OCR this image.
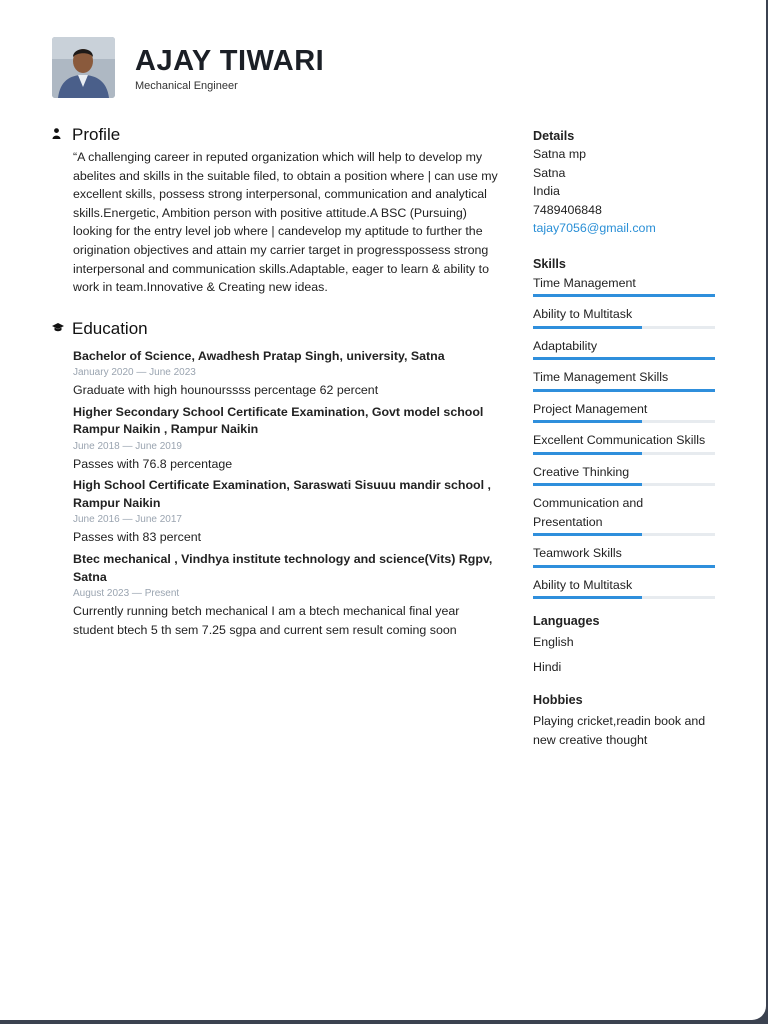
AJAY TIWARI
Mechanical Engineer
Profile
“A challenging career in reputed organization which will help to develop my abelites and skills in the suitable filed, to obtain a position where | can use my excellent skills, possess strong interpersonal, communication and analytical skills.Energetic, Ambition person with positive attitude.A BSC (Pursuing) looking for the entry level job where | candevelop my aptitude to further the origination objectives and attain my carrier target in progresspossess strong interpersonal and communication skills.Adaptable, eager to learn & ability to work in team.Innovative & Creating new ideas.
Education
Bachelor of Science, Awadhesh Pratap Singh, university, Satna
January 2020 — June 2023
Graduate with high hounourssss percentage 62 percent
Higher Secondary School Certificate Examination, Govt model school Rampur Naikin , Rampur Naikin
June 2018 — June 2019
Passes with 76.8 percentage
High School Certificate Examination, Saraswati Sisuuu mandir school , Rampur Naikin
June 2016 — June 2017
Passes with 83 percent
Btec mechanical , Vindhya institute technology and science(Vits) Rgpv, Satna
August 2023 — Present
Currently running betch mechanical I am a btech mechanical final year student btech 5 th sem 7.25 sgpa and current sem result coming soon
Details
Satna mp
Satna
India
7489406848
tajay7056@gmail.com
Skills
Time Management
Ability to Multitask
Adaptability
Time Management Skills
Project Management
Excellent Communication Skills
Creative Thinking
Communication and Presentation
Teamwork Skills
Ability to Multitask
Languages
English
Hindi
Hobbies
Playing cricket,readin book and new creative thought
